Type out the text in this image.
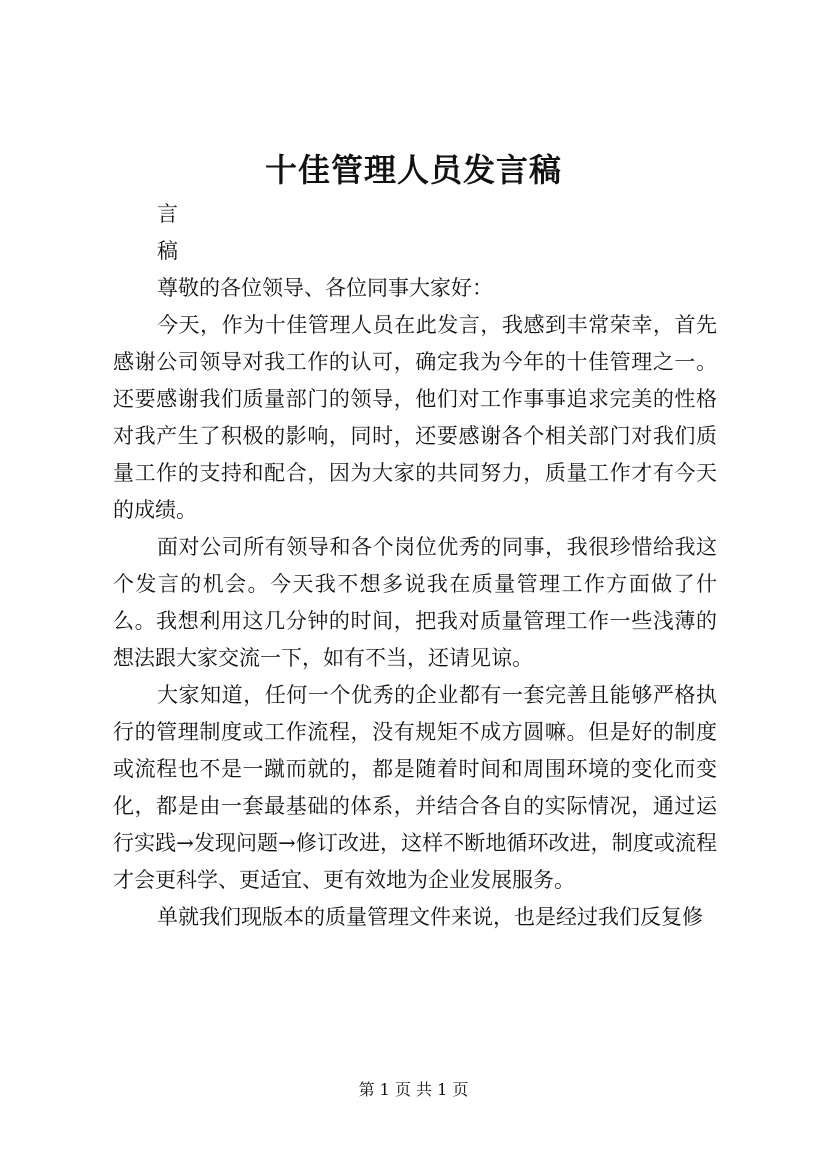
十佳管理人员发言稿

言

稿

尊敬的各位领导、各位同事大家好：

今天，作为十佳管理人员在此发言，我感到丰常荣幸，首先感谢公司领导对我工作的认可，确定我为今年的十佳管理之一。还要感谢我们质量部门的领导，他们对工作事事追求完美的性格对我产生了积极的影响，同时，还要感谢各个相关部门对我们质量工作的支持和配合，因为大家的共同努力，质量工作才有今天的成绩。

面对公司所有领导和各个岗位优秀的同事，我很珍惜给我这个发言的机会。今天我不想多说我在质量管理工作方面做了什么。我想利用这几分钟的时间，把我对质量管理工作一些浅薄的想法跟大家交流一下，如有不当，还请见谅。

大家知道，任何一个优秀的企业都有一套完善且能够严格执行的管理制度或工作流程，没有规矩不成方圆嘛。但是好的制度或流程也不是一蹴而就的，都是随着时间和周围环境的变化而变化，都是由一套最基础的体系，并结合各自的实际情况，通过运行实践→发现问题→修订改进，这样不断地循环改进，制度或流程才会更科学、更适宜、更有效地为企业发展服务。

单就我们现版本的质量管理文件来说，也是经过我们反复修

第 1 页 共 1 页
